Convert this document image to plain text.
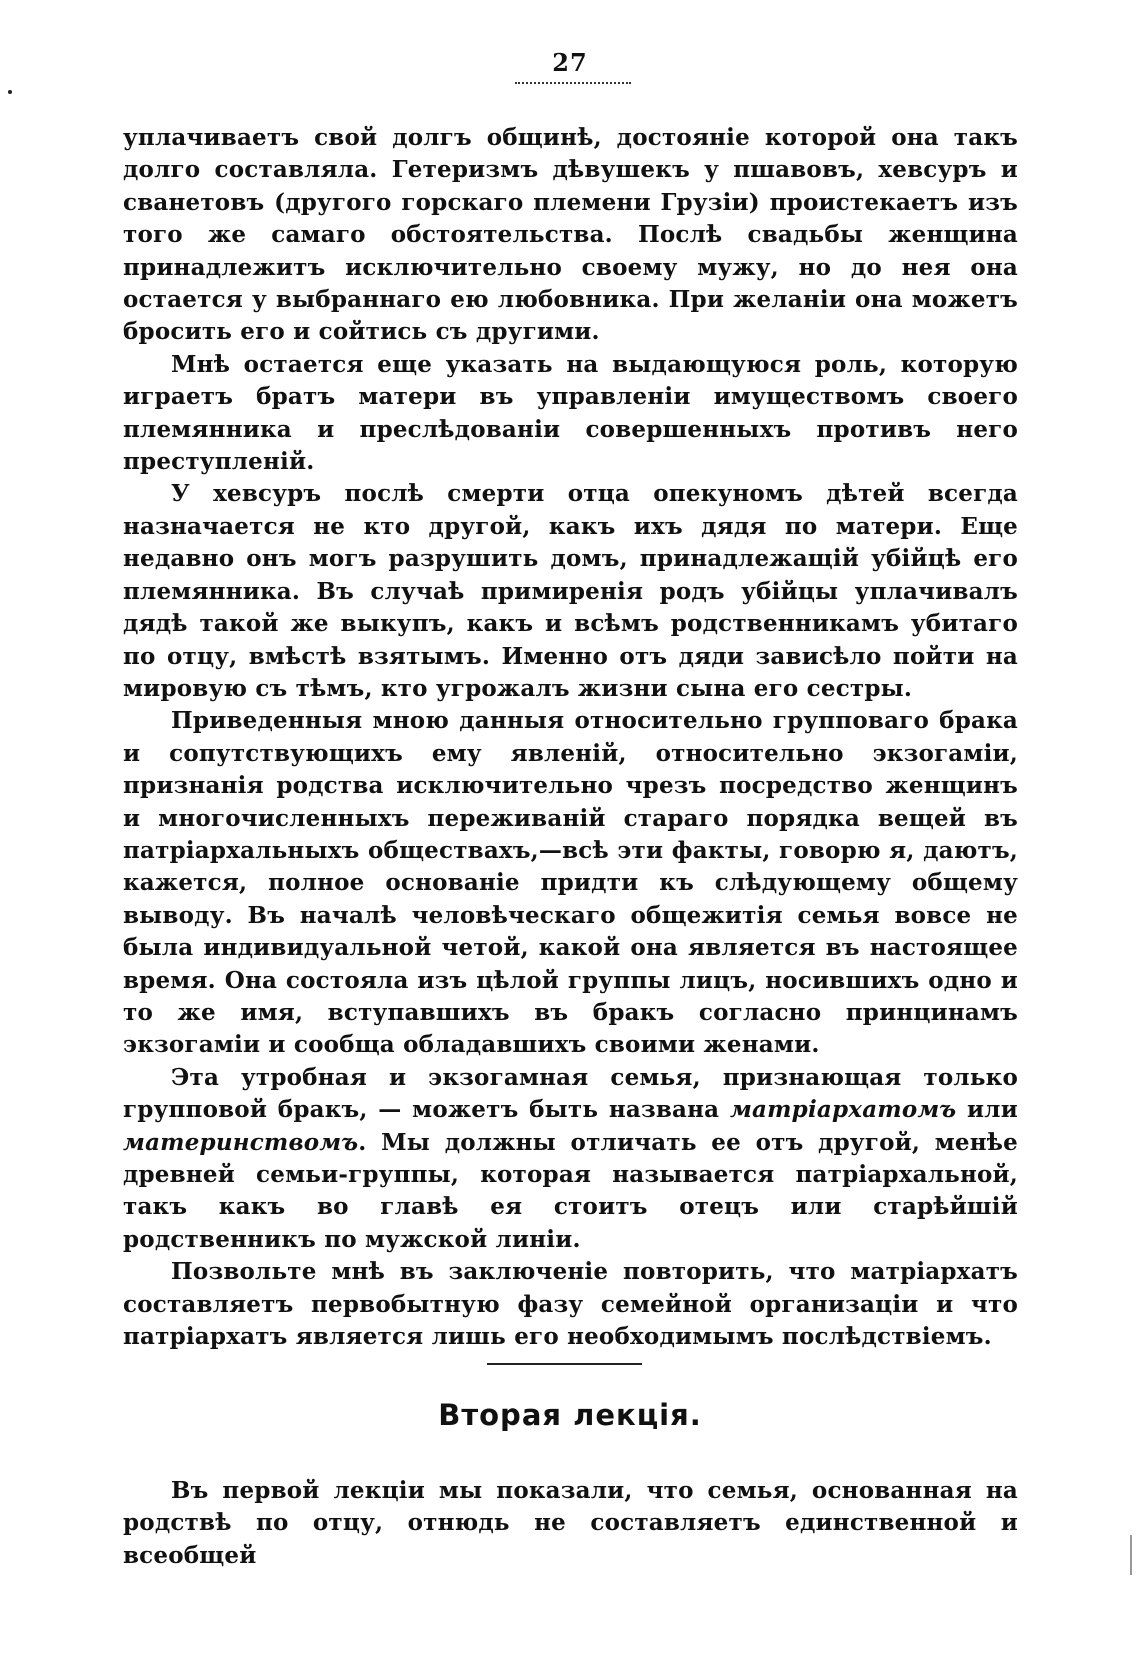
27

уплачиваетъ свой долгъ общинѣ, достояніе которой она такъ долго составляла. Гетеризмъ дѣвушекъ у пшавовъ, хевсуръ и сванетовъ (другого горскаго племени Грузіи) проистекаетъ изъ того же самаго обстоятельства. Послѣ свадьбы женщина принадлежитъ исключительно своему мужу, но до нея она остается у выбраннаго ею любовника. При желаніи она можетъ бросить его и сойтись съ другими.

Мнѣ остается еще указать на выдающуюся роль, которую играетъ братъ матери въ управленіи имуществомъ своего племянника и преслѣдованіи совершенныхъ противъ него преступленій.

У хевсуръ послѣ смерти отца опекуномъ дѣтей всегда назначается не кто другой, какъ ихъ дядя по матери. Еще недавно онъ могъ разрушить домъ, принадлежащій убійцѣ его племянника. Въ случаѣ примиренія родъ убійцы уплачивалъ дядѣ такой же выкупъ, какъ и всѣмъ родственникамъ убитаго по отцу, вмѣстѣ взятымъ. Именно отъ дяди зависѣло пойти на мировую съ тѣмъ, кто угрожалъ жизни сына его сестры.

Приведенныя мною данныя относительно групповаго брака и сопутствующихъ ему явленій, относительно экзогаміи, признанія родства исключительно чрезъ посредство женщинъ и многочисленныхъ переживаній стараго порядка вещей въ патріархальныхъ обществахъ,—всѣ эти факты, говорю я, даютъ, кажется, полное основаніе придти къ слѣдующему общему выводу. Въ началѣ человѣческаго общежитія семья вовсе не была индивидуальной четой, какой она является въ настоящее время. Она состояла изъ цѣлой группы лицъ, носившихъ одно и то же имя, вступавшихъ въ бракъ согласно принцинамъ экзогаміи и сообща обладавшихъ своими женами.

Эта утробная и экзогамная семья, признающая только групповой бракъ, — можетъ быть названа матріархатомъ или материнствомъ. Мы должны отличать ее отъ другой, менѣе древней семьи-группы, которая называется патріархальной, такъ какъ во главѣ ея стоитъ отецъ или старѣйшій родственникъ по мужской линіи.

Позвольте мнѣ въ заключеніе повторить, что матріархатъ составляетъ первобытную фазу семейной организаціи и что патріархатъ является лишь его необходимымъ послѣдствіемъ.

Вторая лекція.

Въ первой лекціи мы показали, что семья, основанная на родствѣ по отцу, отнюдь не составляетъ единственной и всеобщей
